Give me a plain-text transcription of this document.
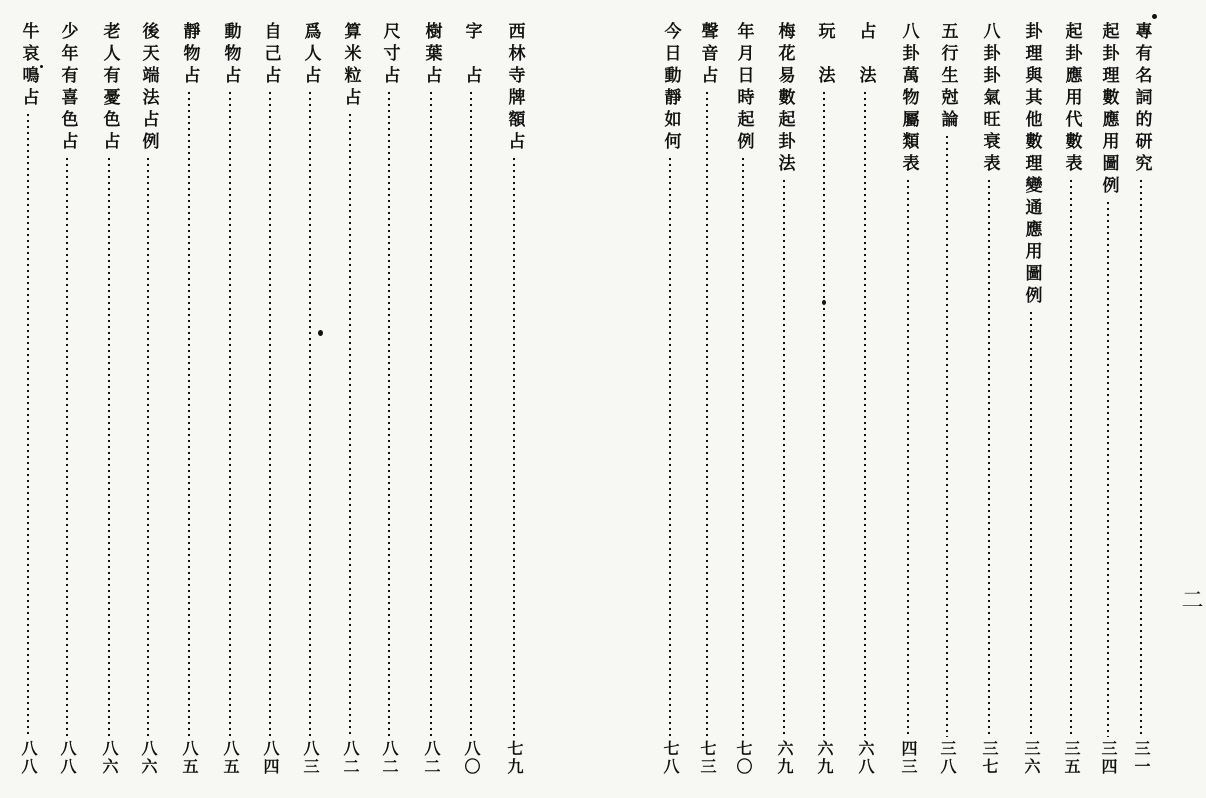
專有名詞的研究
三一
起卦理數應用圖例
三四
起卦應用代數表
三五
卦理與其他數理變通應用圖例
三六
八卦卦氣旺衰表
三七
五行生尅論
三八
八卦萬物屬類表
四三
占　法
六八
玩　法
六九
梅花易數起卦法
六九
年月日時起例
七〇
聲音占
七三
今日動靜如何
七八
西林寺牌額占
七九
字　占
八〇
樹葉占
八二
尺寸占
八二
算米粒占
八二
爲人占
八三
自己占
八四
動物占
八五
靜物占
八五
後天端法占例
八六
老人有憂色占
八六
少年有喜色占
八八
牛哀鳴占
八八
二
